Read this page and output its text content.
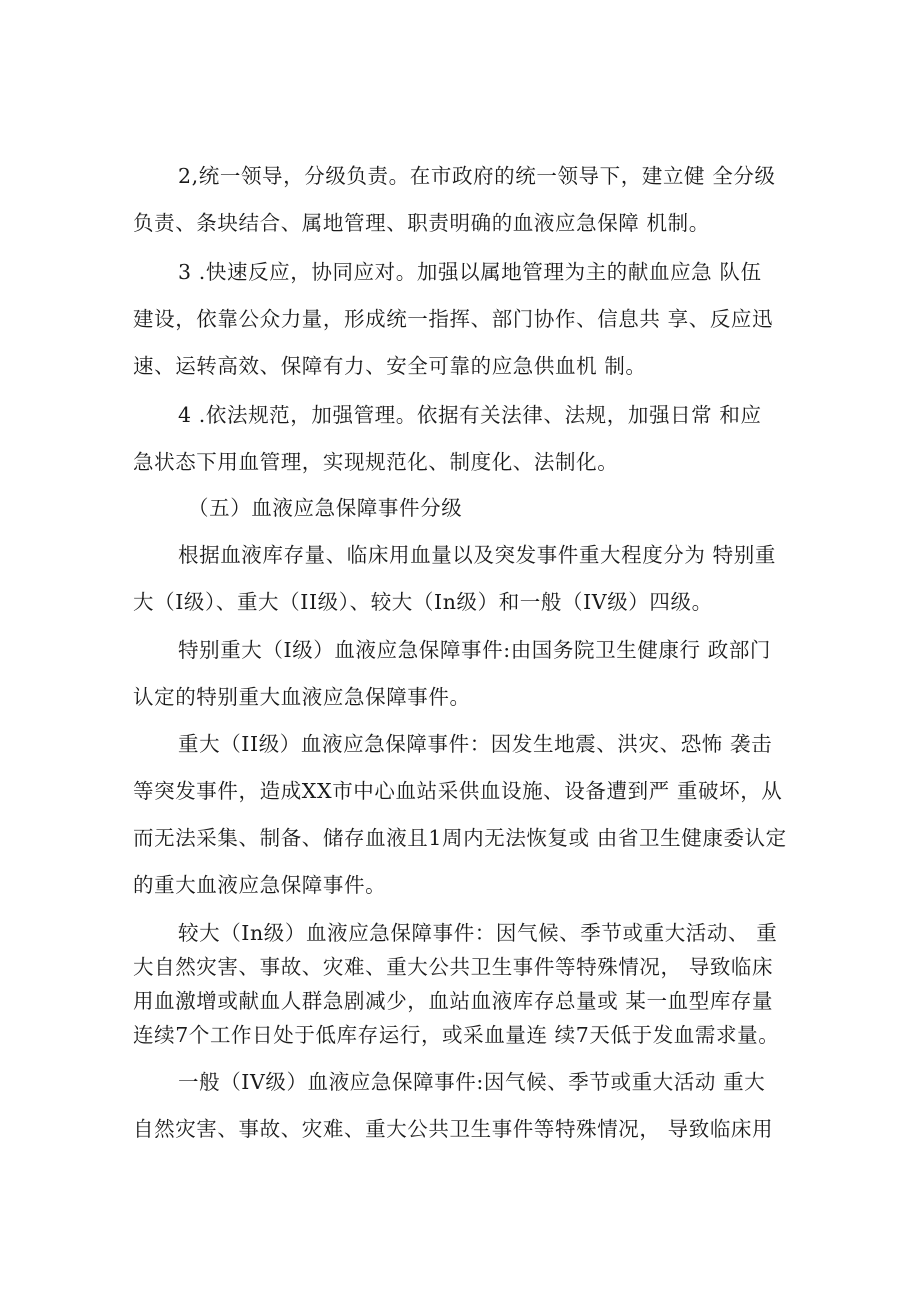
2,统一领导，分级负责。在市政府的统一领导下，建立健 全分级
负责、条块结合、属地管理、职责明确的血液应急保障 机制。
3 .快速反应，协同应对。加强以属地管理为主的献血应急 队伍
建设，依靠公众力量，形成统一指挥、部门协作、信息共 享、反应迅
速、运转高效、保障有力、安全可靠的应急供血机 制。
4 .依法规范，加强管理。依据有关法律、法规，加强日常 和应
急状态下用血管理，实现规范化、制度化、法制化。
（五）血液应急保障事件分级
根据血液库存量、临床用血量以及突发事件重大程度分为 特别重
大（I级）、重大（II级）、较大（In级）和一般（IV级）四级。
特别重大（I级）血液应急保障事件:由国务院卫生健康行 政部门
认定的特别重大血液应急保障事件。
重大（II级）血液应急保障事件：因发生地震、洪灾、恐怖 袭击
等突发事件，造成XX市中心血站采供血设施、设备遭到严 重破坏，从
而无法采集、制备、储存血液且1周内无法恢复或 由省卫生健康委认定
的重大血液应急保障事件。
较大（In级）血液应急保障事件：因气候、季节或重大活动、 重
大自然灾害、事故、灾难、重大公共卫生事件等特殊情况， 导致临床
用血激增或献血人群急剧减少，血站血液库存总量或 某一血型库存量
连续7个工作日处于低库存运行，或采血量连 续7天低于发血需求量。
一般（IV级）血液应急保障事件:因气候、季节或重大活动 重大
自然灾害、事故、灾难、重大公共卫生事件等特殊情况， 导致临床用
